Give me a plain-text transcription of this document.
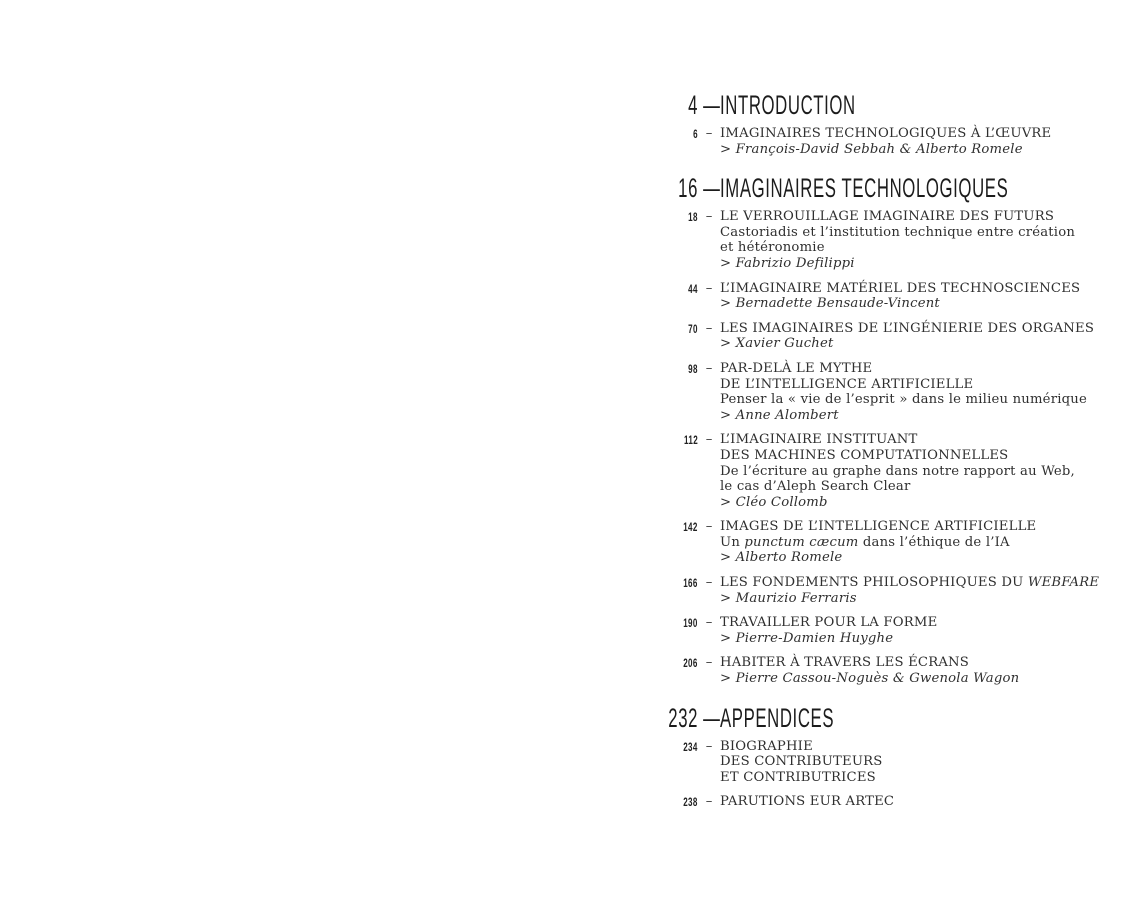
4 — INTRODUCTION
6 – IMAGINAIRES TECHNOLOGIQUES À L’ŒUVRE
> François-David Sebbah & Alberto Romele
16 — IMAGINAIRES TECHNOLOGIQUES
18 – LE VERROUILLAGE IMAGINAIRE DES FUTURS
Castoriadis et l’institution technique entre création
et hétéronomie
> Fabrizio Defilippi
44 – L’IMAGINAIRE MATÉRIEL DES TECHNOSCIENCES
> Bernadette Bensaude-Vincent
70 – LES IMAGINAIRES DE L’INGÉNIERIE DES ORGANES
> Xavier Guchet
98 – PAR-DELÀ LE MYTHE
DE L’INTELLIGENCE ARTIFICIELLE
Penser la « vie de l’esprit » dans le milieu numérique
> Anne Alombert
112 – L’IMAGINAIRE INSTITUANT
DES MACHINES COMPUTATIONNELLES
De l’écriture au graphe dans notre rapport au Web,
le cas d’Aleph Search Clear
> Cléo Collomb
142 – IMAGES DE L’INTELLIGENCE ARTIFICIELLE
Un punctum cæcum dans l’éthique de l’IA
> Alberto Romele
166 – LES FONDEMENTS PHILOSOPHIQUES DU WEBFARE
> Maurizio Ferraris
190 – TRAVAILLER POUR LA FORME
> Pierre-Damien Huyghe
206 – HABITER À TRAVERS LES ÉCRANS
> Pierre Cassou-Noguès & Gwenola Wagon
232 — APPENDICES
234 – BIOGRAPHIE
DES CONTRIBUTEURS
ET CONTRIBUTRICES
238 – PARUTIONS EUR ARTEC
